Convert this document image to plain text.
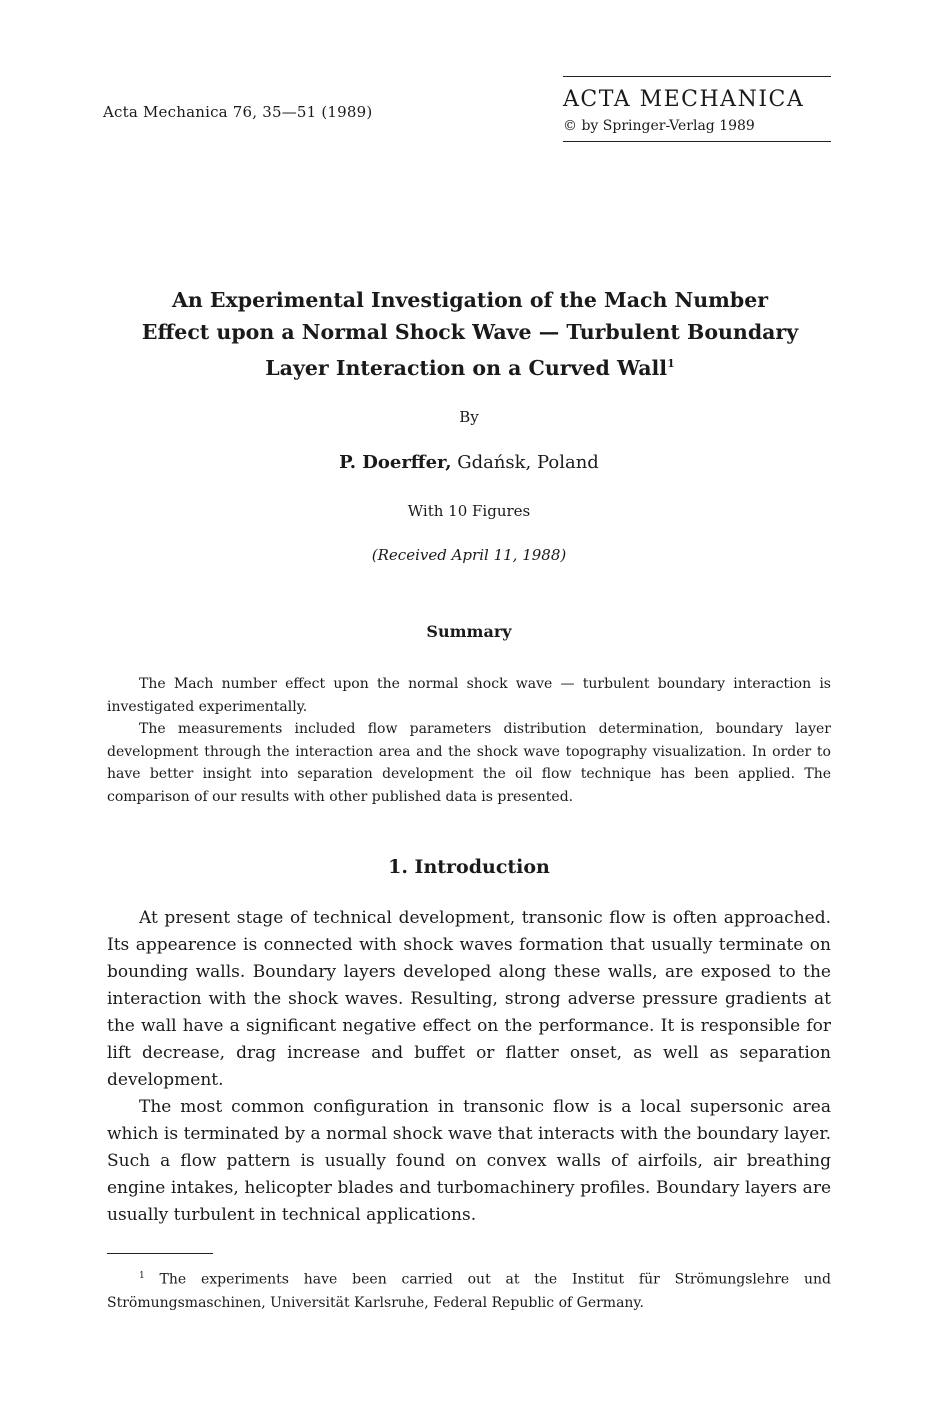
Acta Mechanica 76, 35—51 (1989)	ACTA MECHANICA
© by Springer-Verlag 1989
An Experimental Investigation of the Mach Number
Effect upon a Normal Shock Wave — Turbulent Boundary
Layer Interaction on a Curved Wall$^1$
By
P. Doerffer, Gdańsk, Poland
With 10 Figures
(Received April 11, 1988)
Summary

The Mach number effect upon the normal shock wave — turbulent boundary interaction is investigated experimentally.

The measurements included flow parameters distribution determination, boundary layer development through the interaction area and the shock wave topography visualization. In order to have better insight into separation development the oil flow technique has been applied. The comparison of our results with other published data is presented.

1. Introduction

At present stage of technical development, transonic flow is often approached. Its appearence is connected with shock waves formation that usually terminate on bounding walls. Boundary layers developed along these walls, are exposed to the interaction with the shock waves. Resulting, strong adverse pressure gradients at the wall have a significant negative effect on the performance. It is responsible for lift decrease, drag increase and buffet or flatter onset, as well as separation development.

The most common configuration in transonic flow is a local supersonic area which is terminated by a normal shock wave that interacts with the boundary layer. Such a flow pattern is usually found on convex walls of airfoils, air breathing engine intakes, helicopter blades and turbomachinery profiles. Boundary layers are usually turbulent in technical applications.

$^1$ The experiments have been carried out at the Institut für Strömungslehre und Strömungsmaschinen, Universität Karlsruhe, Federal Republic of Germany.
